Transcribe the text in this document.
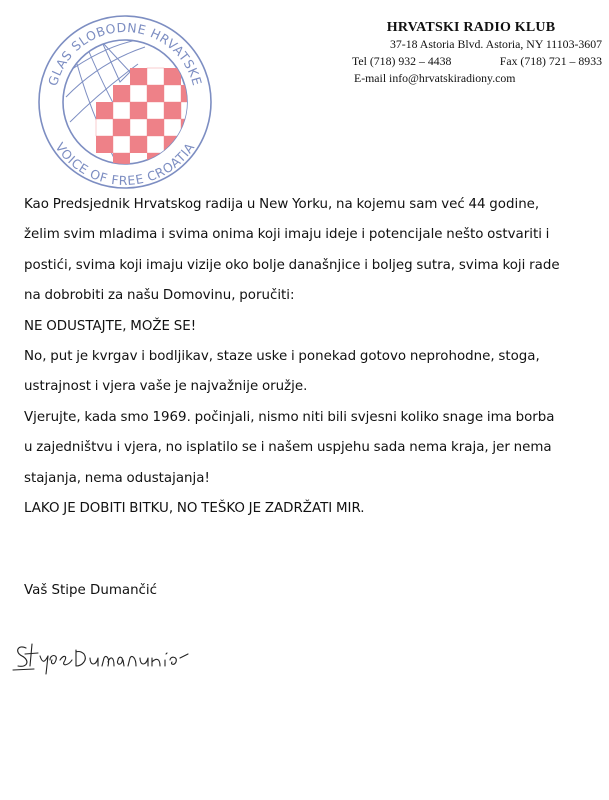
GLAS SLOBODNE HRVATSKE
VOICE OF FREE CROATIA
HRVATSKI RADIO KLUB
37-18 Astoria Blvd. Astoria, NY 11103-3607
Tel (718) 932 – 4438	Fax (718) 721 – 8933
E-mail info@hrvatskiradiony.com

Kao Predsjednik Hrvatskog radija u New Yorku, na kojemu sam već 44 godine,

želim svim mladima i svima onima koji imaju ideje i potencijale nešto ostvariti i

postići, svima koji imaju vizije oko bolje današnjice i boljeg sutra, svima koji rade

na dobrobiti za našu Domovinu, poručiti:

NE ODUSTAJTE, MOŽE SE!

No, put je kvrgav i bodljikav, staze uske i ponekad gotovo neprohodne, stoga,

ustrajnost i vjera vaše je najvažnije oružje.

Vjerujte, kada smo 1969. počinjali, nismo niti bili svjesni koliko snage ima borba

u zajedništvu i vjera, no isplatilo se i našem uspjehu sada nema kraja, jer nema

stajanja, nema odustajanja!

LAKO JE DOBITI BITKU, NO TEŠKO JE ZADRŽATI MIR.

Vaš Stipe Dumančić
